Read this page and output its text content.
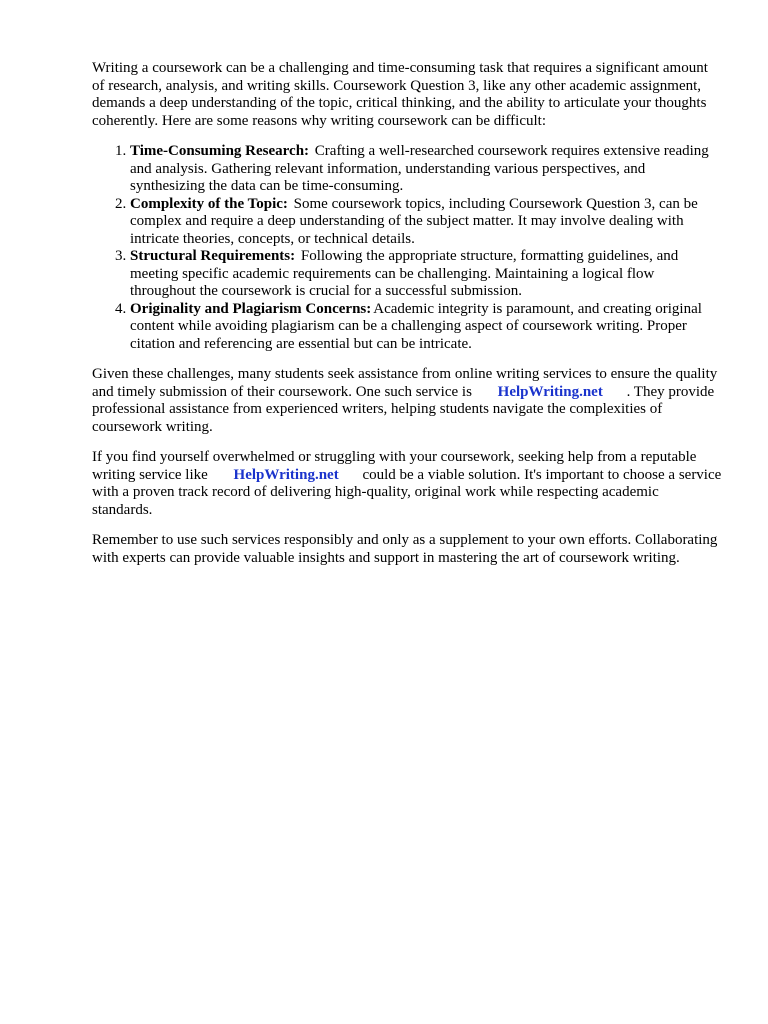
Writing a coursework can be a challenging and time-consuming task that requires a significant amount of research, analysis, and writing skills. Coursework Question 3, like any other academic assignment, demands a deep understanding of the topic, critical thinking, and the ability to articulate your thoughts coherently. Here are some reasons why writing coursework can be difficult:

1. Time-Consuming Research: Crafting a well-researched coursework requires extensive reading and analysis. Gathering relevant information, understanding various perspectives, and synthesizing the data can be time-consuming.
2. Complexity of the Topic: Some coursework topics, including Coursework Question 3, can be complex and require a deep understanding of the subject matter. It may involve dealing with intricate theories, concepts, or technical details.
3. Structural Requirements: Following the appropriate structure, formatting guidelines, and meeting specific academic requirements can be challenging. Maintaining a logical flow throughout the coursework is crucial for a successful submission.
4. Originality and Plagiarism Concerns: Academic integrity is paramount, and creating original content while avoiding plagiarism can be a challenging aspect of coursework writing. Proper citation and referencing are essential but can be intricate.

Given these challenges, many students seek assistance from online writing services to ensure the quality and timely submission of their coursework. One such service is HelpWriting.net . They provide professional assistance from experienced writers, helping students navigate the complexities of coursework writing.

If you find yourself overwhelmed or struggling with your coursework, seeking help from a reputable writing service like HelpWriting.net could be a viable solution. It's important to choose a service with a proven track record of delivering high-quality, original work while respecting academic standards.

Remember to use such services responsibly and only as a supplement to your own efforts. Collaborating with experts can provide valuable insights and support in mastering the art of coursework writing.
